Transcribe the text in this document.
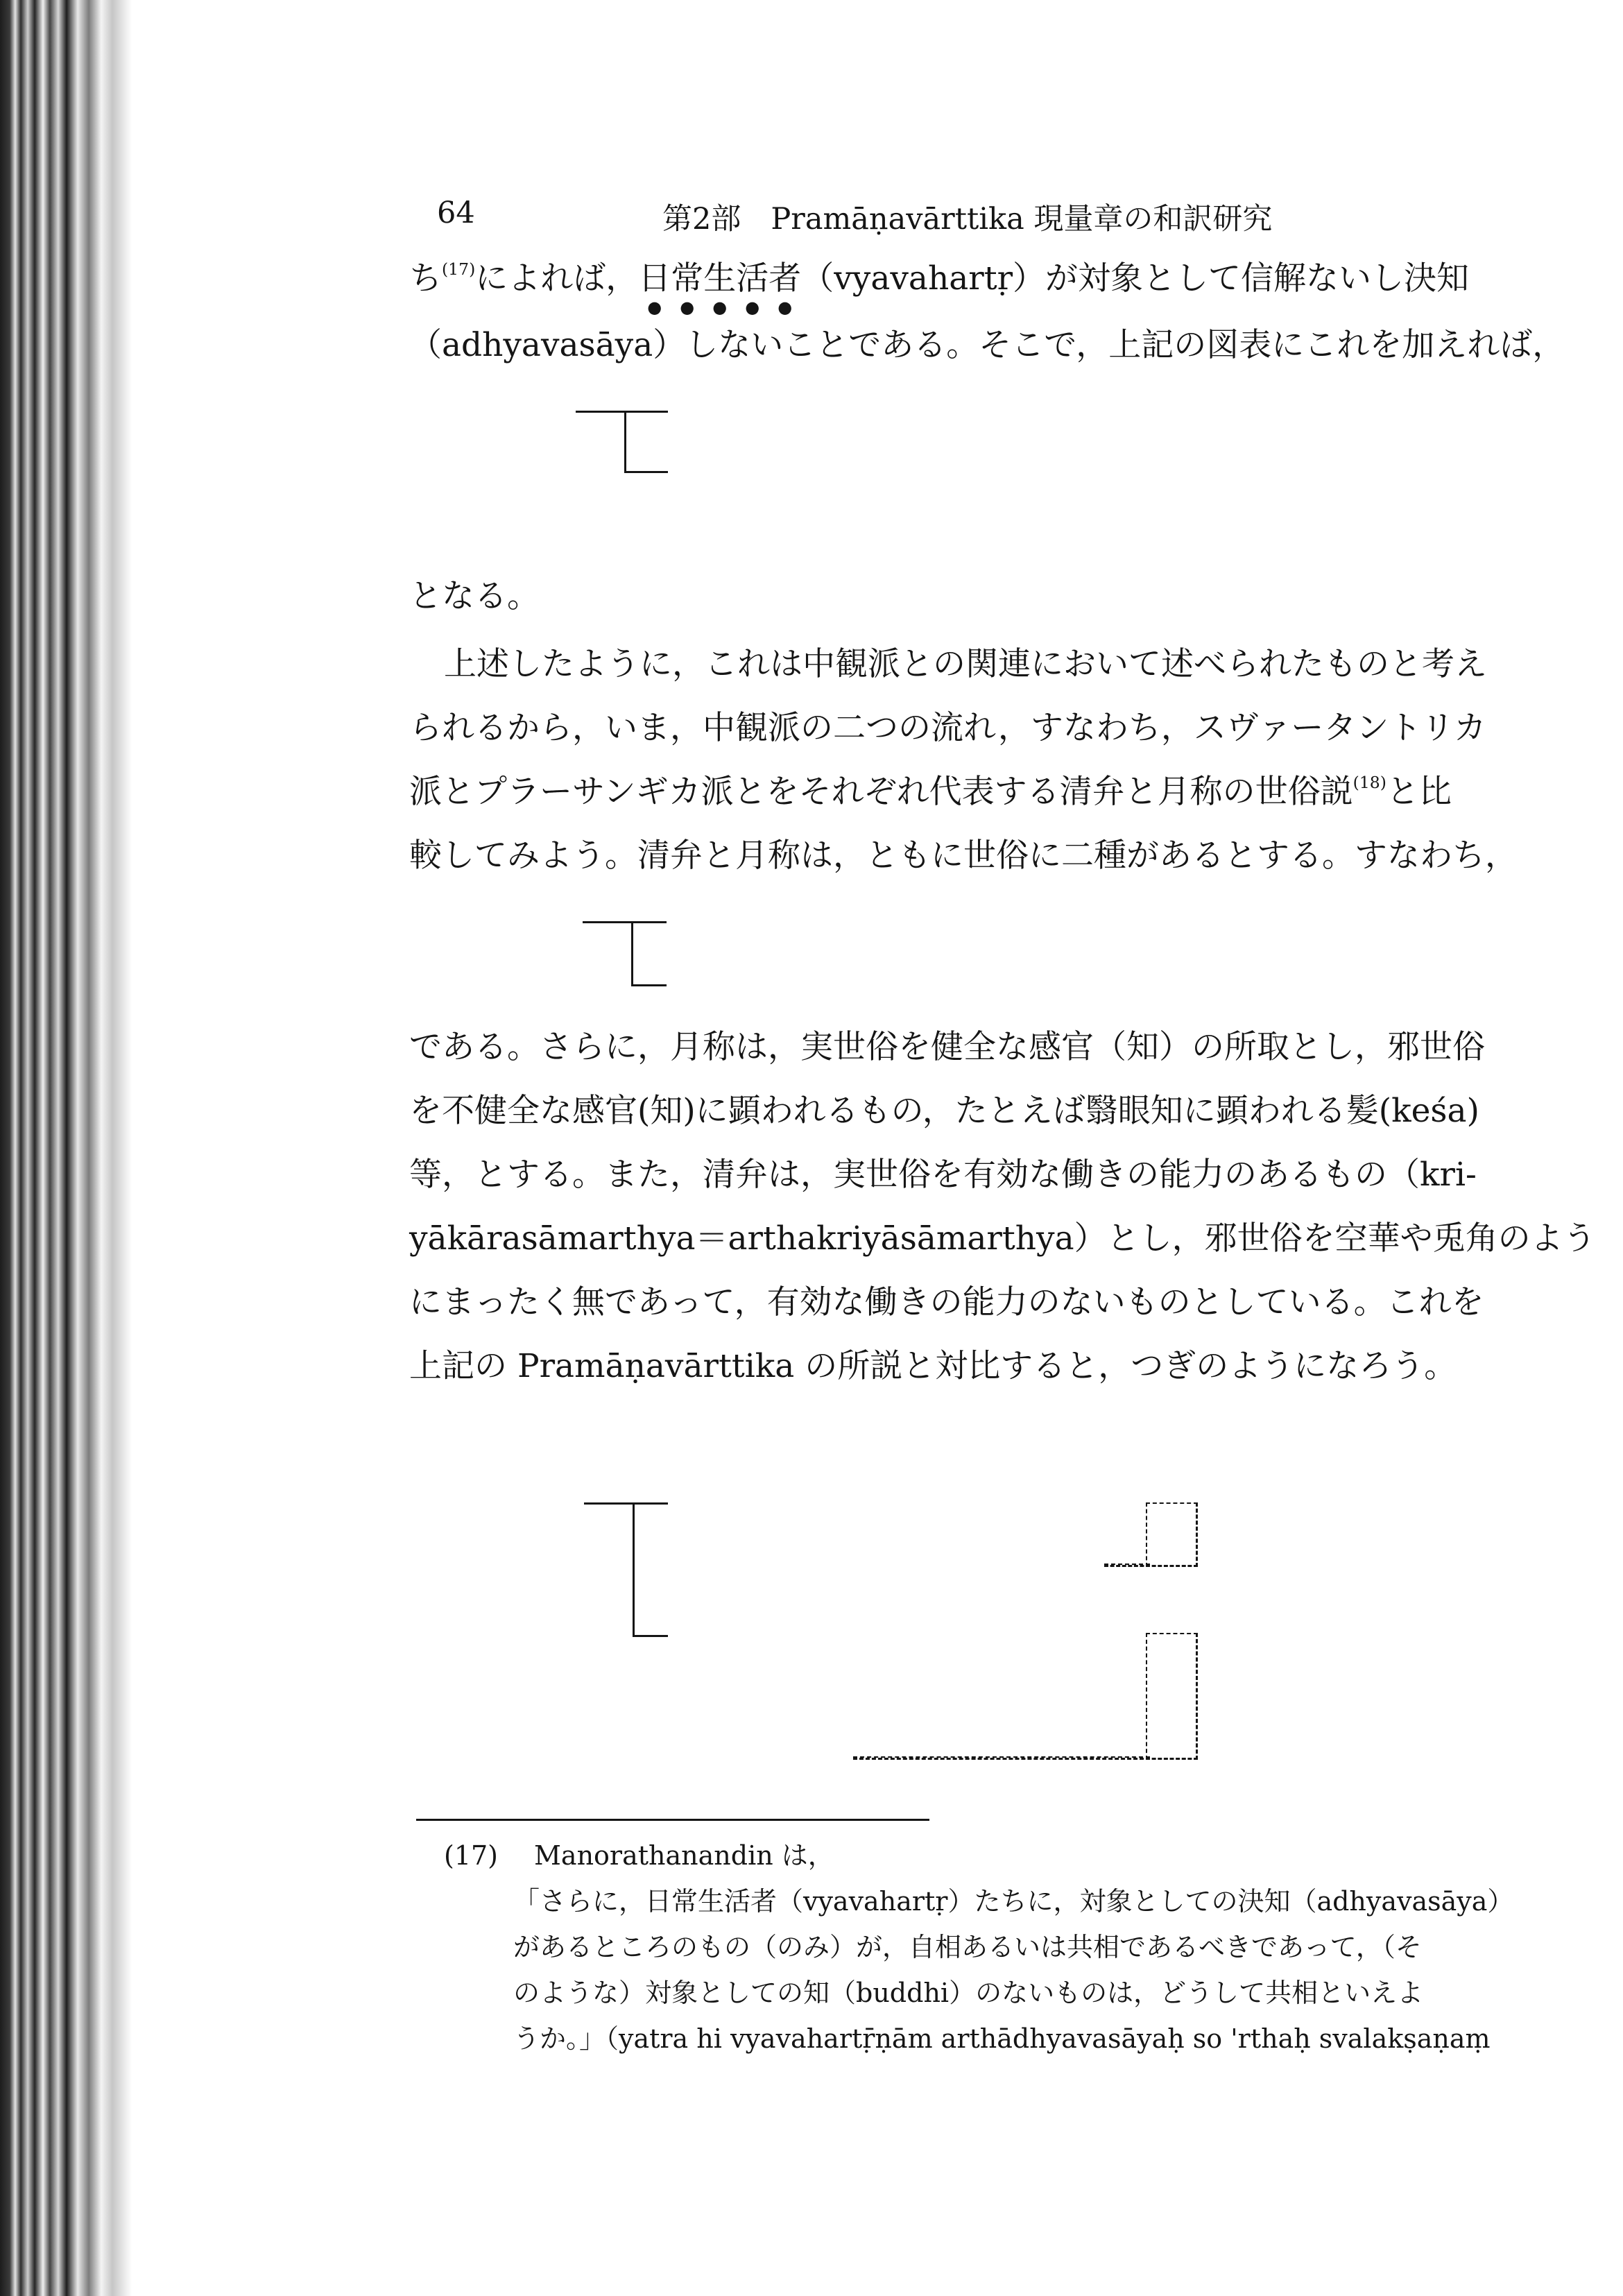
64	第2部　Pramāṇavārttika 現量章の和訳研究
ち$^{(17)}$によれば，日常生活者（vyavahartṛ）が対象として信解ないし決知
（adhyavasāya）しないことである。そこで，上記の図表にこれを加えれば，
となる。
上述したように，これは中観派との関連において述べられたものと考え
られるから，いま，中観派の二つの流れ，すなわち，スヴァータントリカ
派とプラーサンギカ派とをそれぞれ代表する清弁と月称の世俗説$^{(18)}$と比
較してみよう。清弁と月称は，ともに世俗に二種があるとする。すなわち，
である。さらに，月称は，実世俗を健全な感官（知）の所取とし，邪世俗
を不健全な感官(知)に顕われるもの，たとえば翳眼知に顕われる髪(keśa)
等，とする。また，清弁は，実世俗を有効な働きの能力のあるもの（kri-
yākārasāmarthya＝arthakriyāsāmarthya）とし，邪世俗を空華や兎角のよう
にまったく無であって，有効な働きの能力のないものとしている。これを
上記の Pramāṇavārttika の所説と対比すると，つぎのようになろう。
(17) Manorathanandin は，
「さらに，日常生活者（vyavahartṛ）たちに，対象としての決知（adhyavasāya）
があるところのもの（のみ）が，自相あるいは共相であるべきであって，（そ
のような）対象としての知（buddhi）のないものは，どうして共相といえよ
うか。」（yatra hi vyavahartṝṇām arthādhyavasāyaḥ so 'rthaḥ svalakṣaṇaṃ
